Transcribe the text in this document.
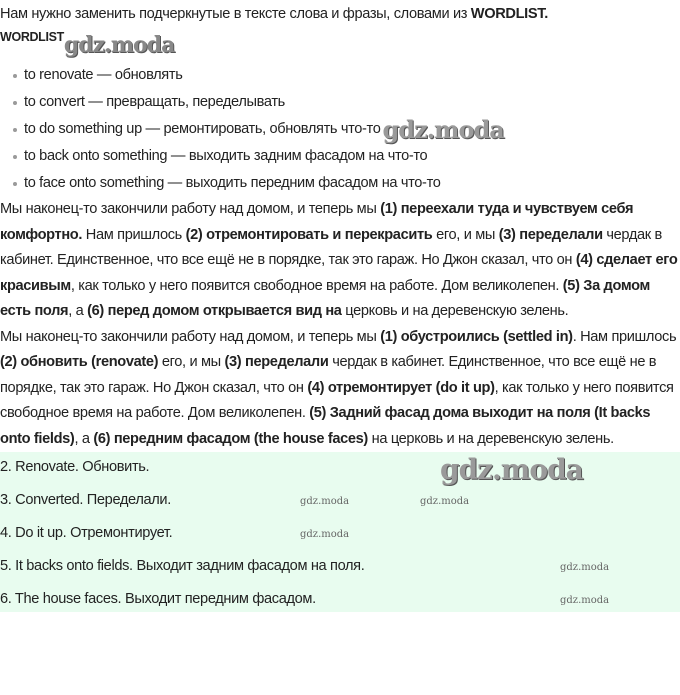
Нам нужно заменить подчеркнутые в тексте слова и фразы, словами из WORDLIST.

WORDLISTgdz.moda
to renovate — обновлять
to convert — превращать, переделывать
to do something up — ремонтировать, обновлять что-тоgdz.moda
to back onto something — выходить задним фасадом на что-то
to face onto something — выходить передним фасадом на что-то

Мы наконец-то закончили работу над домом, и теперь мы (1) переехали туда и чувствуем себя комфортно. Нам пришлось (2) отремонтировать и перекрасить его, и мы (3) переделали чердак в кабинет. Единственное, что все ещё не в порядке, так это гараж. Но Джон сказал, что он (4) сделает его красивым, как только у него появится свободное время на работе. Дом великолепен. (5) За домом есть поля, а (6) перед домом открывается вид на церковь и на деревенскую зелень.

Мы наконец-то закончили работу над домом, и теперь мы (1) обустроились (settled in). Нам пришлось (2) обновить (renovate) его, и мы (3) переделали чердак в кабинет. Единственное, что все ещё не в порядке, так это гараж. Но Джон сказал, что он (4) отремонтирует (do it up), как только у него появится свободное время на работе. Дом великолепен. (5) Задний фасад дома выходит на поля (It backs onto fields), а (6) передним фасадом (the house faces) на церковь и на деревенскую зелень.

2. Renovate. Обновить.
3. Converted. Переделали.
4. Do it up. Отремонтирует.
5. It backs onto fields. Выходит задним фасадом на поля.
6. The house faces. Выходит передним фасадом.
gdz.moda
gdz.moda	gdz.moda
gdz.moda
gdz.moda
gdz.moda
